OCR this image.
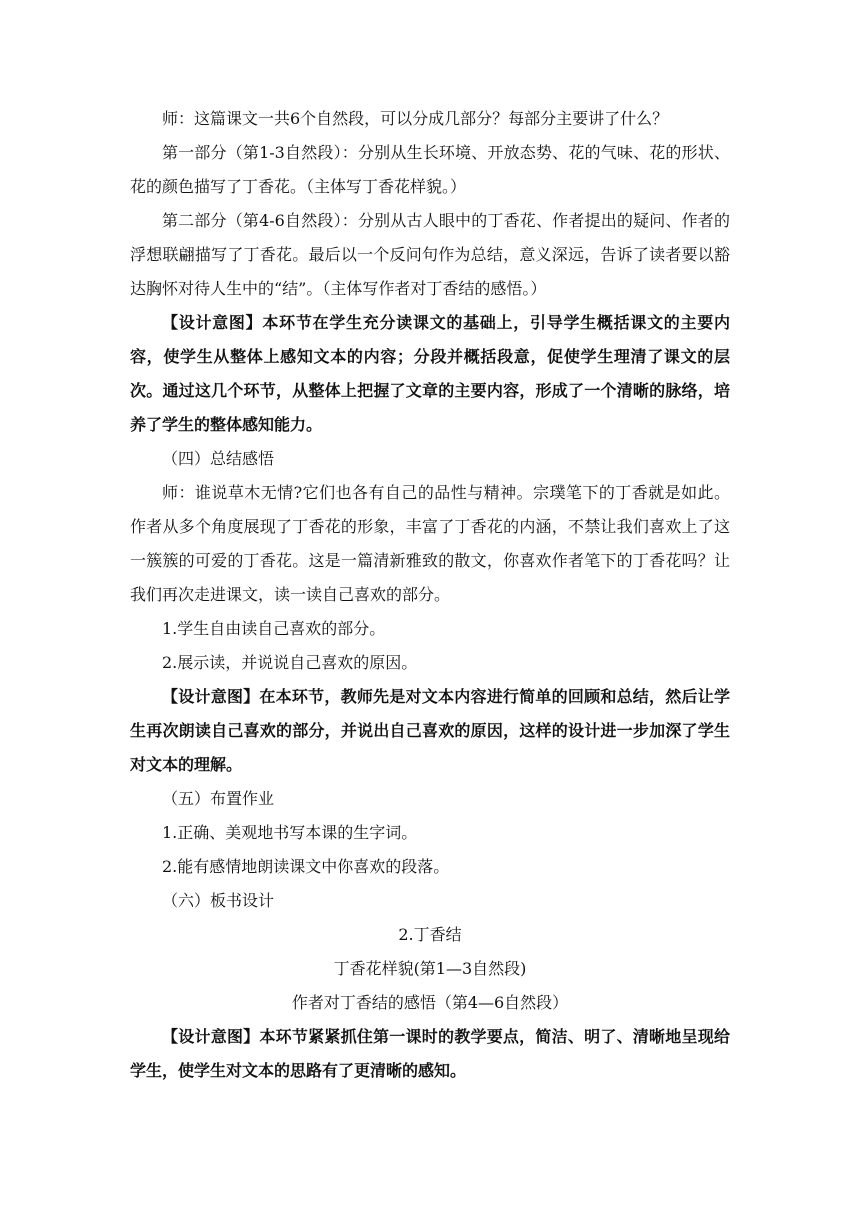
师：这篇课文一共6个自然段，可以分成几部分？每部分主要讲了什么？

第一部分（第1-3自然段）：分别从生长环境、开放态势、花的气味、花的形状、花的颜色描写了丁香花。（主体写丁香花样貌。）

第二部分（第4-6自然段）：分别从古人眼中的丁香花、作者提出的疑问、作者的浮想联翩描写了丁香花。最后以一个反问句作为总结，意义深远，告诉了读者要以豁达胸怀对待人生中的“结”。（主体写作者对丁香结的感悟。）

【设计意图】本环节在学生充分读课文的基础上，引导学生概括课文的主要内容，使学生从整体上感知文本的内容；分段并概括段意，促使学生理清了课文的层次。通过这几个环节，从整体上把握了文章的主要内容，形成了一个清晰的脉络，培养了学生的整体感知能力。

（四）总结感悟

师：谁说草木无情?它们也各有自己的品性与精神。宗璞笔下的丁香就是如此。作者从多个角度展现了丁香花的形象，丰富了丁香花的内涵，不禁让我们喜欢上了这一簇簇的可爱的丁香花。这是一篇清新雅致的散文，你喜欢作者笔下的丁香花吗？让我们再次走进课文，读一读自己喜欢的部分。

1.学生自由读自己喜欢的部分。

2.展示读，并说说自己喜欢的原因。

【设计意图】在本环节，教师先是对文本内容进行简单的回顾和总结，然后让学生再次朗读自己喜欢的部分，并说出自己喜欢的原因，这样的设计进一步加深了学生对文本的理解。

（五）布置作业

1.正确、美观地书写本课的生字词。

2.能有感情地朗读课文中你喜欢的段落。

（六）板书设计

2.丁香结

丁香花样貌(第1—3自然段)

作者对丁香结的感悟（第4—6自然段）

【设计意图】本环节紧紧抓住第一课时的教学要点，简洁、明了、清晰地呈现给学生，使学生对文本的思路有了更清晰的感知。
